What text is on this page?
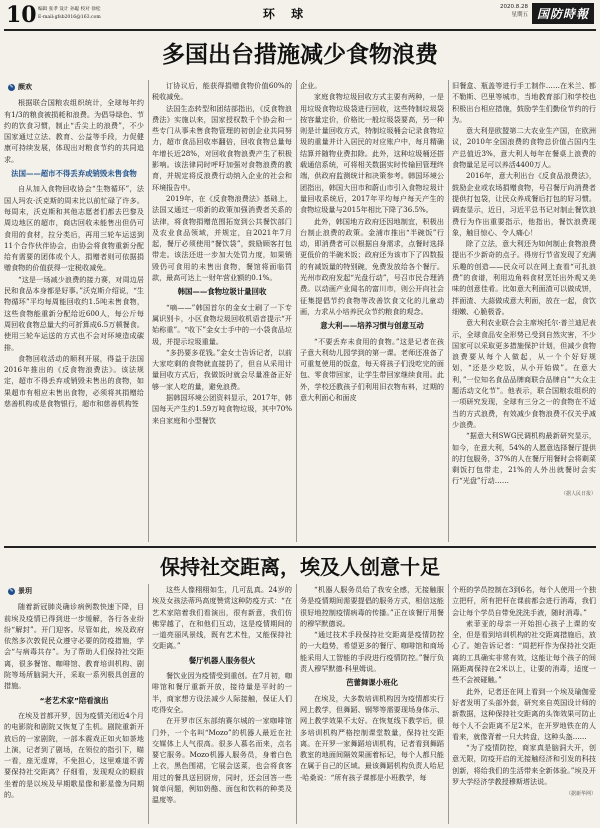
10 编辑 张孝 设计 孙聪 校对 徐松
E-mail:gfsb2016@163.com	环 球	2020.8.28
星期五 国防時報
多国出台措施减少食物浪费
✎ 颜欢

根据联合国粮农组织统计，全球每年约有1/3的粮食被损耗和浪费。为倡导绿色、节约的饮食习惯，制止“舌尖上的浪费”，不少国家通过立法、教育、公益等手段，力促健康可持续发展，体现出对粮食节约的共同追求。

法国——超市不得丢弃或销毁未售食物

自从加入食物回收协会“生物循环”，法国人玛农·沃克斯的周末比以前忙碌了许多。每周末，沃克斯和其他志愿者们都去巴黎及周边地区的超市，商店回收未能售出但仍可食用的食材，拉分类后，再用三轮车运送到11个合作伙伴协会，由协会将食物重新分配给有需要的团体或个人，捐赠者则可依据捐赠食物的价值获得一定税收减免。

“这是一场减少浪费的接力赛，对周边居民和食品本身都是好事。”沃克斯介绍说，“生物循环”平均每周能回收约1.5吨未售食物，这些食物能重新分配给近600人，每公斤每周回收食物总量大约可折算成6.5万顿餐食。使用三轮车运送的方式也不会对环境造成碳排。

食物回收活动的顺利开展，得益于法国2016年推出的《反食物浪费法》。该法规定，超市不得丢弃或销毁未售出的食物，如果超市有相应未售出食物，必须将其捐赠给慈善机构或是食物银行，超市和慈善机构签

订协议后，能获得捐赠食物价值60%的税收减免。

法国生态转型和团结部指出，《反食物浪费法》实施以来，国家授权数千个协会和一些专门从事未售食物管理的初创企业共同努力，超市食品回收率翻倍，回收食物总量每年增长近28%，对回收食物浪费产生了积极影响。该法律同时呼吁加强对食物浪费的教育，并规定将反浪费行动纳入企业的社会和环境报告中。

2019年，在《反食物浪费法》基础上，法国又通过一项新的政策加强消费者关系的法律，将食物捐赠范围拓宽到公共餐饮部门及农业食品领域，并规定，自2021年7月起，餐厅必须使用“餐饮袋”，鼓励顾客打包带走。该法还进一步加大处罚力度，如果销毁仍可食用的未售出食物，餐馆将面临罚款，最高可达上一财年营业额的0.1%。

韩国——食物垃圾计量回收

“嘀——”韩国首尔的金女士刷了一下专属识别卡，小区食物垃圾回收机语音提示“开始称重”。“收下”金女士手中的一小袋食品垃圾，并提示垃圾重量。

“多扔要多花钱。”金女士告诉记者，以前大家吃剩的食物就直接扔了，但自从采用计量回收方式后，我做饭时就会尽量准备正好够一家人吃的量，避免浪费。

据韩国环境公团资料显示，2017年，韩国每天产生约1.59万吨食物垃圾，其中70%来自家庭和小型餐饮

企业。

家庭食物垃圾回收方式主要有两种，一是用垃圾食物垃圾袋进行回收，这些特制垃圾袋按容量定价，价格比一般垃圾袋要高，另一种则是计量回收方式，特制垃圾桶会记录食物垃圾的重量并计入居民的对应账户中，每月精确结算并随物业费扣除。此外，这种垃圾桶还搭载通信系统，可将相关数据实时传输回管理终端，供政府监测统计和决策参考。韩国环境公团指出，韩国大田市和蔚山市引入食物垃圾计量回收系统后，2017年平均每户每天产生的食物垃圾量与2015年相比下降了36.5%。

此外，韩国地方政府还因地制宜，积极出台制止浪费的政策。金浦市推出“半碗饭”行动，即消费者可以根据自身需求，点餐时选择更低价的半碗米饭；政府还为该市下了四数报的有减饭量的特别碗，免费发放给各个餐厅。光州市政府发起“光盘行动”，号召市民合理消费。以动画产业闻名的富川市，则公开向社会征集提倡节约食物等改善饮食文化的儿童动画，力求从小培养民众节约粮食的观念。

意大利——培养习惯与创意互动

“不要丢弃未食用的食物。”这是记者在孩子意大利幼儿园学到的第一课。老师还准备了可重复使用的饭盒，每天将孩子们没吃完的面包、零食带回家，让学生带回家继续食用。此外，学校还教孩子们利用旧衣物布料，过期的意大利面心和面皮

旧餐盒、瓶盖等进行手工制作……在米兰、都不勒斯、巴里等城市，当地教育部门和学校也积极出台相应措施，鼓励学生们勤俭节约的行为。

意大利是欧盟第二大农业生产国，在欧洲议，2010年全国浪费的食物总价值占国内生产总值近3%，意大利人每年在餐桌上浪费的食物量足足可以养活4400万人。

2016年，意大利出台《反食品浪费法》，鼓励企业或农场捐赠食物，号召餐厅向消费者提供打包袋，让民众养成餐后打包的好习惯。调查显示，近日，习近平总书记对制止餐饮浪费行为作出重要指示，他指出，餐饮浪费现象，触目惊心、令人痛心！

除了立法，意大利还为如何制止食物浪费提出不少新奇的点子。得房行节省发现了充满乐趣的创造——民众可以在网上查看“可扎浪费”的食谱，利用边角料食材烹饪出外观又美味的创意佳肴。比如意大利面渣可以做成饼，拌面渣、大蒜做成意大利面，放在一起，食饮细嫩、心脆极香。

意大利农业联合会主席埃托尔·普兰迪尼表示，全球食品安全形势已受到自然灾害，不少国家可以采取更多措施保护计划，但减少食物浪费要从每个人做起，从一个个好好规划，“还是少吃饭，从小开始做”。在意大利，”一位知名食品品牌商联合品牌自”“大众主题活动文化节”。他表示，联合国粮农组织的一项研究发现，全球有三分之一的食物在不适当的方式浪费，有效减少食物浪费不仅关乎减少浪费。

“据意大利SWG民调机构最新研究显示，如今，在意大利，54%的人愿意选择餐厅提供的打包服务，37%的人在餐厅用餐时会将剩菜剩饭打包带走，21%的人外出就餐时会实行“光盘”行动……

（据人民日报）
保持社交距离，埃及人创意十足
✎ 景玥

随着新冠肺炎确诊病例数快速下降，目前埃及疫情已得到进一步缓解，各行各业纷纷“解封”。开门迎客。尽管如此，埃及政府依然多次敦促民众遵守必要的防疫措施，学会“与病毒共存”。为了帮助人们保持社交距离，很多餐馆、咖啡馆、教育培训机构、剧院等场所脑洞大开，采取一系列极具创意的措施。

“老艺术家”陪看演出

在埃及首都开罗，因为疫情关闭近4个月的电影院和剧院又恢复了生机。剧院重新开放后的一家剧院，一部本震戏正如火如荼地上演，记者到了剧场，在领位的指引下，瞄一看，座无虚席，不免担心，这里难道不需要保持社交距离？仔细看，发现观众的眼前坐着的是以埃及早期歌星像和影星像为同期的。

这些人像栩栩如生，几可乱真。24岁的埃及女孩法蒂玛高度赞赏这种防疫方式：“在艺术家陪着我们看演出，很有新意，我们仿佛穿越了，在和他们互动，这是疫情期间的一道亮丽风景线，既有艺术性，又能保持社交距离。”

餐厅机器人服务很火

餐饮业因为疫情受到重创。在7月初，咖啡馆和餐厅重新开放，接待量是平时的一半，商家想方设法减少人际接触，保证人们吃得安全。

在开罗市区东部纳赛尔城的一家咖啡馆门外，一个名叫“Mozo”的机器人最近在社交媒体上人气很高。很多人慕名而来，点名要它服务。Mozo机器人服务员，身着白色上衣，黑色围裙，它展会送菜，也会将食客用过的餐具送回厨房，同时，还会回答一些简单问题，例如奶酪、面包和饮料的种类及温度等。

“机器人服务员给了我安全感，无接触服务是疫情期间需要提倡的服务方式，相信这能很好地控制疫情病毒的传播。”正在该餐厅用餐的穆罕默德说。

“通过技术手段保持社交距离是疫情防控的一大趋势，希望更多的餐厅、咖啡馆和商场能采用人工智能的手段进行疫情防控。”餐厅负责人穆罕默德·科里姆说。

芭蕾舞课小班化

在埃及，大多数培训机构因为疫情都实行网上教学，但舞蹈、钢琴等需要现场身体示、网上教学效果不太好。在恢复线下教学后，很多培训机构严格控制课堂数量，保持社交距离。在开罗一家舞蹈培训机构，记者看到舞蹈教室的地面间隔效果画着标记，每个人都只能在属于自己的区域。最该舞蹈机构负责人哈尼·哈桑说：“所有孩子课都是小班教学，每

个班的学员控制在3到6名，每个人使用一个独立把杆，所有把杆在课前都会进行消毒，我们会让每个学员自带免洗洗手液，随时消毒。”

索菲亚的母亲一开始担心孩子上课的安全，但是看到培训机构的社交距离措施后，放心了。她告诉记者：“周把杆作为保持社交距离的工具确实非常有效，这能让每个孩子的间隔距离保持在2米以上，让要的消毒，适度一些不会被碰触。”

此外，记者还在网上看到一个埃及瑜伽爱好者发明了头部外套，研究来自英国设计师的新数据，这种保持社交距离的头饰效果可防止每个人不会距离不足2米，在开罗地铁在的人看来，就像背着一只大转盘，这种头盔……

“为了疫情防控，商家真是脑洞大开，创意无限，防疫开启的无接触经济和引发的科技创新，将给我们的生活带来全新体验。”埃及开罗大学经济学教授穆斯塔法说。

（据新华网）
